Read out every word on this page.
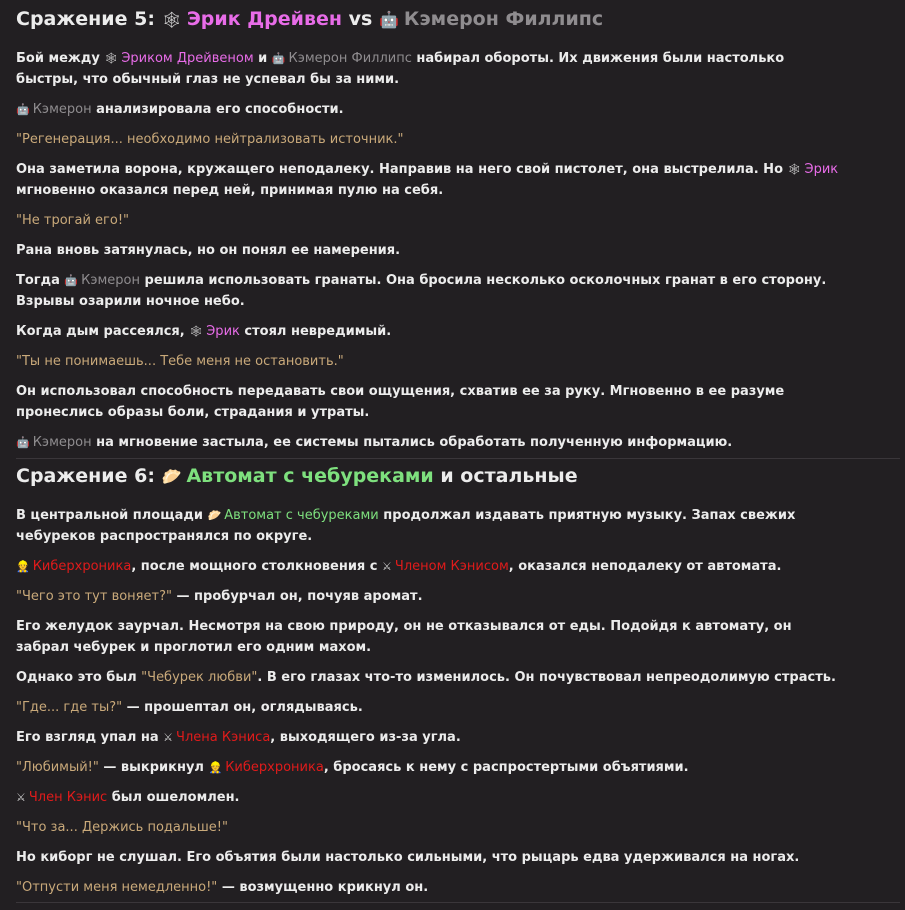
Сражение 5: 🕸 Эрик Дрейвен vs 🤖 Кэмерон Филлипс

Бой между 🕸 Эриком Дрейвеном и 🤖 Кэмерон Филлипс набирал обороты. Их движения были настолько быстры, что обычный глаз не успевал бы за ними.

🤖 Кэмерон анализировала его способности.

"Регенерация... необходимо нейтрализовать источник."

Она заметила ворона, кружащего неподалеку. Направив на него свой пистолет, она выстрелила. Но 🕸 Эрик мгновенно оказался перед ней, принимая пулю на себя.

"Не трогай его!"

Рана вновь затянулась, но он понял ее намерения.

Тогда 🤖 Кэмерон решила использовать гранаты. Она бросила несколько осколочных гранат в его сторону. Взрывы озарили ночное небо.

Когда дым рассеялся, 🕸 Эрик стоял невредимый.

"Ты не понимаешь... Тебе меня не остановить."

Он использовал способность передавать свои ощущения, схватив ее за руку. Мгновенно в ее разуме пронеслись образы боли, страдания и утраты.

🤖 Кэмерон на мгновение застыла, ее системы пытались обработать полученную информацию.

Сражение 6: 🥟 Автомат с чебуреками и остальные

В центральной площади 🥟 Автомат с чебуреками продолжал издавать приятную музыку. Запах свежих чебуреков распространялся по округе.

👷 Киберхроника, после мощного столкновения с ⚔ Членом Кэнисом, оказался неподалеку от автомата.

"Чего это тут воняет?" — пробурчал он, почуяв аромат.

Его желудок заурчал. Несмотря на свою природу, он не отказывался от еды. Подойдя к автомату, он забрал чебурек и проглотил его одним махом.

Однако это был "Чебурек любви". В его глазах что-то изменилось. Он почувствовал непреодолимую страсть.

"Где... где ты?" — прошептал он, оглядываясь.

Его взгляд упал на ⚔ Члена Кэниса, выходящего из-за угла.

"Любимый!" — выкрикнул 👷 Киберхроника, бросаясь к нему с распростертыми объятиями.

⚔ Член Кэнис был ошеломлен.

"Что за... Держись подальше!"

Но киборг не слушал. Его объятия были настолько сильными, что рыцарь едва удерживался на ногах.

"Отпусти меня немедленно!" — возмущенно крикнул он.
